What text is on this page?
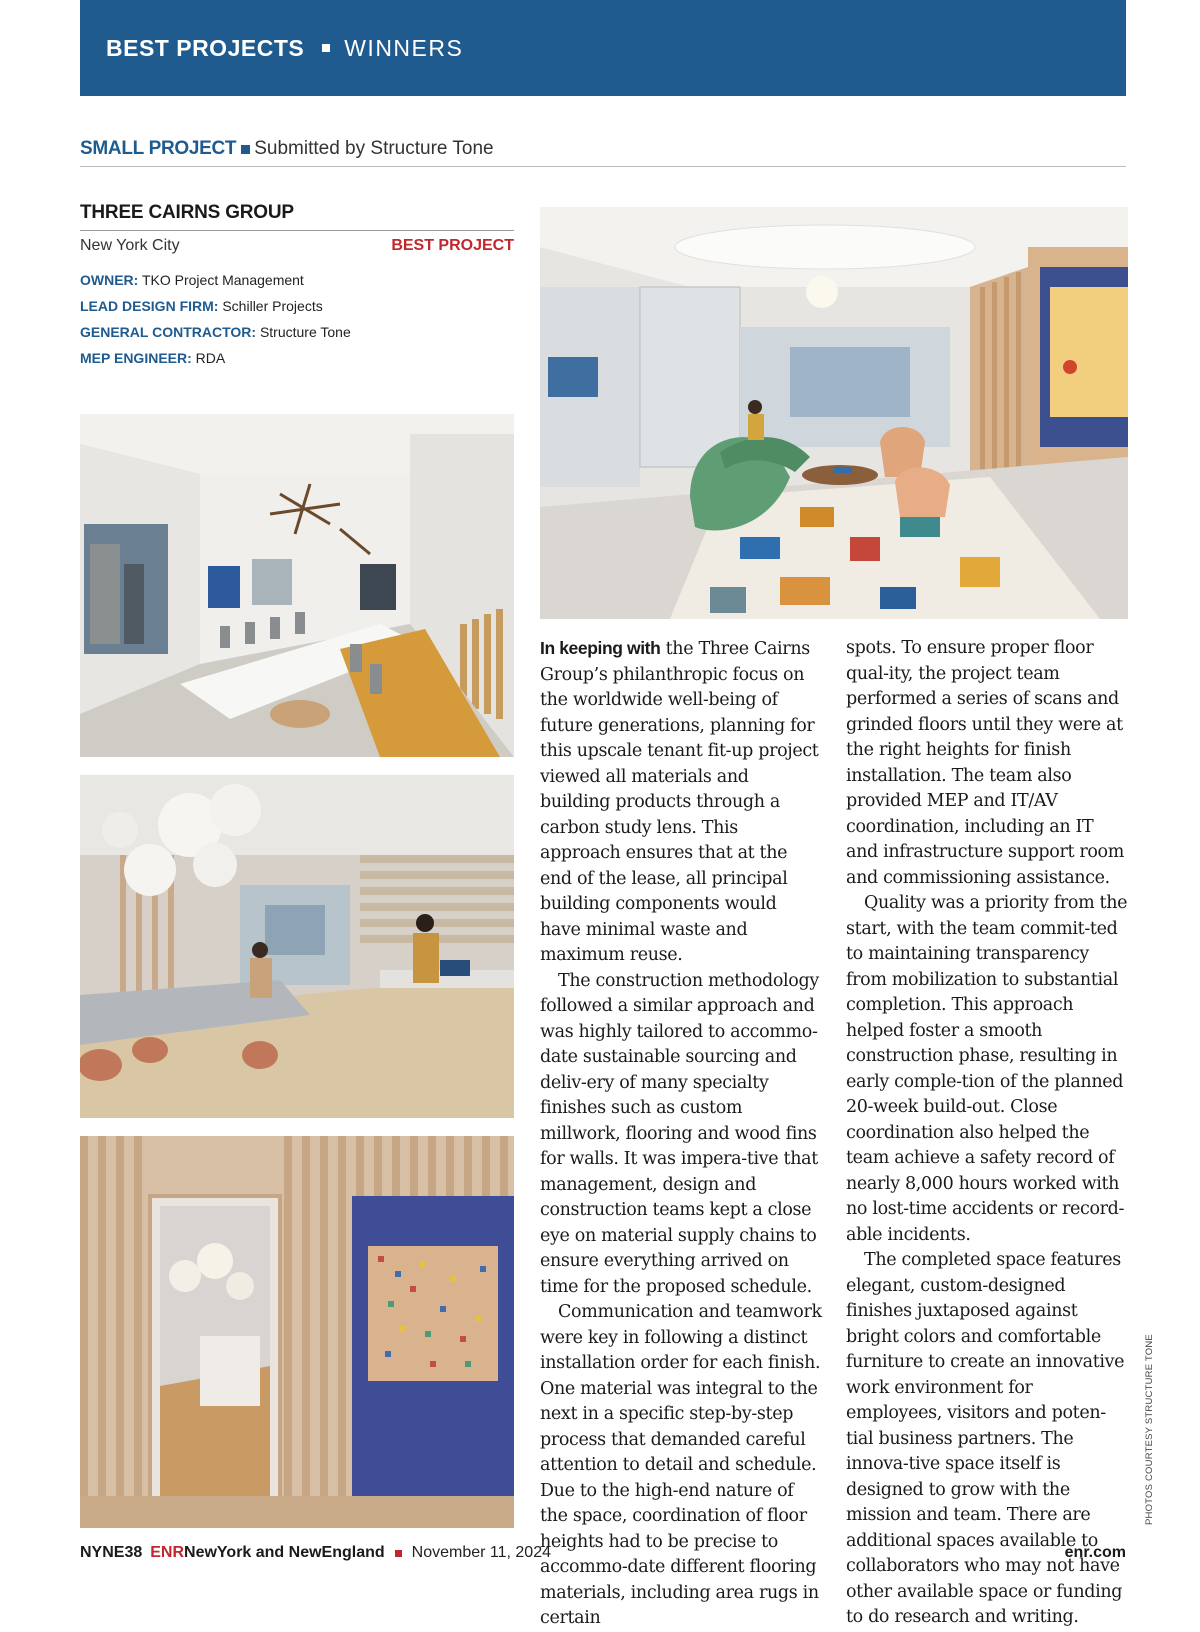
BEST PROJECTS WINNERS
SMALL PROJECT Submitted by Structure Tone
THREE CAIRNS GROUP
New York City	BEST PROJECT
OWNER: TKO Project Management
LEAD DESIGN FIRM: Schiller Projects
GENERAL CONTRACTOR: Structure Tone
MEP ENGINEER: RDA

In keeping with the Three Cairns Group’s philanthropic focus on the worldwide well-being of future generations, planning for this upscale tenant fit-up project viewed all materials and building products through a carbon study lens. This approach ensures that at the end of the lease, all principal building components would have minimal waste and maximum reuse.

The construction methodology followed a similar approach and was highly tailored to accommo-date sustainable sourcing and deliv-ery of many specialty finishes such as custom millwork, flooring and wood fins for walls. It was impera-tive that management, design and construction teams kept a close eye on material supply chains to ensure everything arrived on time for the proposed schedule.

Communication and teamwork were key in following a distinct installation order for each finish. One material was integral to the next in a specific step-by-step process that demanded careful attention to detail and schedule. Due to the high-end nature of the space, coordination of floor heights had to be precise to accommo-date different flooring materials, including area rugs in certain

spots. To ensure proper floor qual-ity, the project team performed a series of scans and grinded floors until they were at the right heights for finish installation. The team also provided MEP and IT/AV coordination, including an IT and infrastructure support room and commissioning assistance.

Quality was a priority from the start, with the team commit-ted to maintaining transparency from mobilization to substantial completion. This approach helped foster a smooth construction phase, resulting in early comple-tion of the planned 20-week build-out. Close coordination also helped the team achieve a safety record of nearly 8,000 hours worked with no lost-time accidents or record-able incidents.

The completed space features elegant, custom-designed finishes juxtaposed against bright colors and comfortable furniture to create an innovative work environment for employees, visitors and poten-tial business partners. The innova-tive space itself is designed to grow with the mission and team. There are additional spaces available to collaborators who may not have other available space or funding to do research and writing.

PHOTOS COURTESY STRUCTURE TONE
NYNE38 ENR NewYork and NewEngland November 11, 2024	enr.com
